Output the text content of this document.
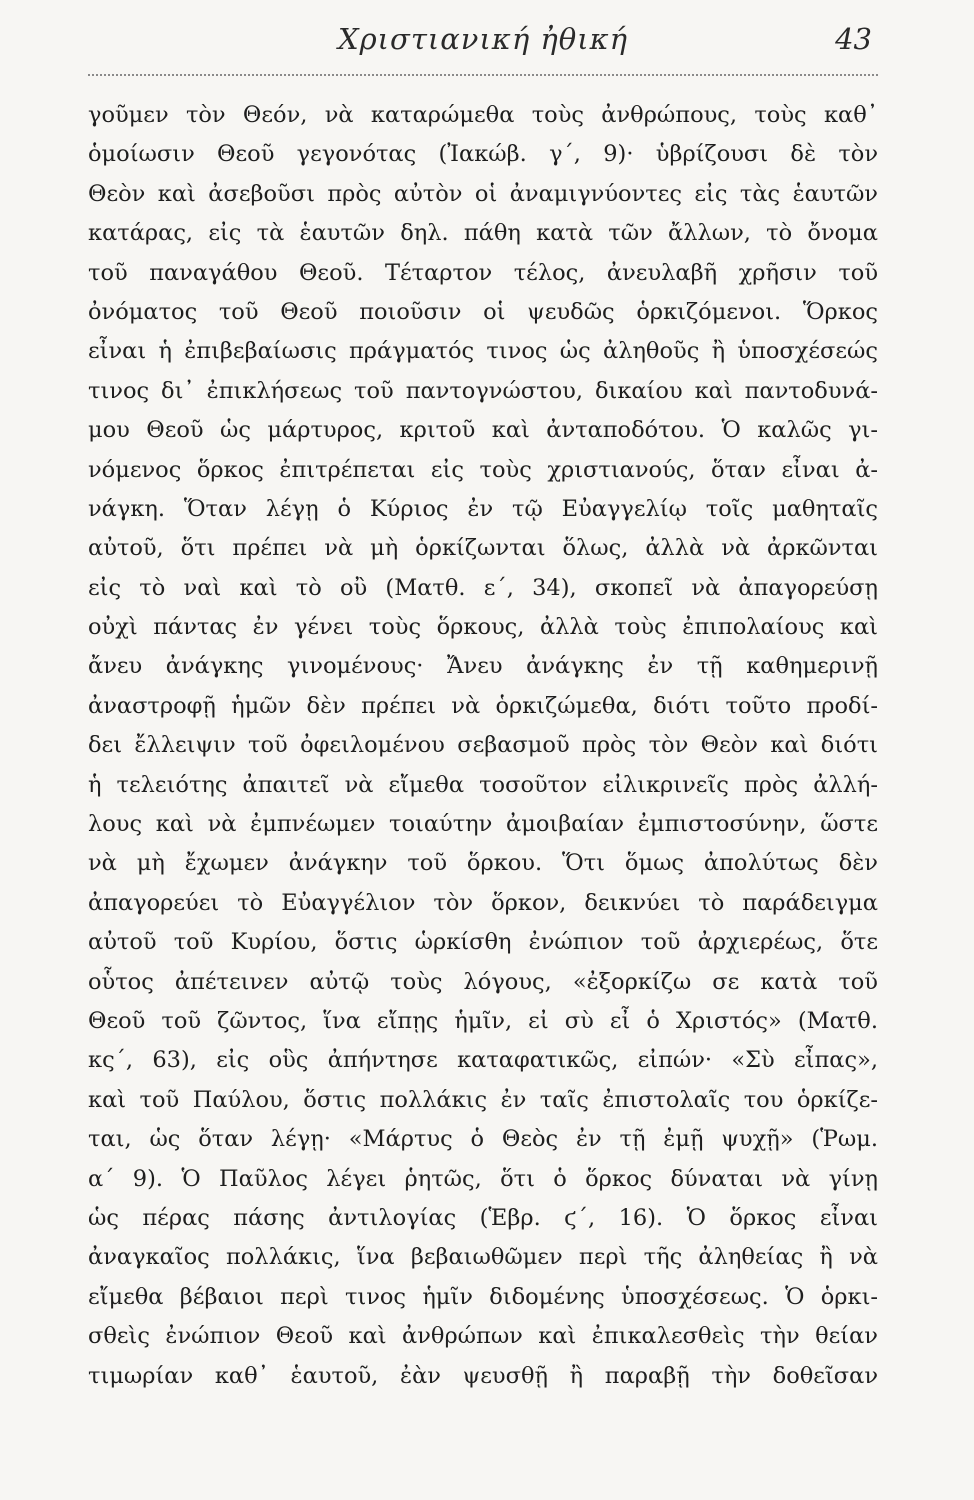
Χριστιανική ἠθική	43
γοῦμεν τὸν Θεόν, νὰ καταρώμεθα τοὺς ἀνθρώπους, τοὺς καθ᾽
ὁμοίωσιν Θεοῦ γεγονότας (Ἰακώβ. γ΄, 9)· ὑβρίζουσι δὲ τὸν
Θεὸν καὶ ἀσεβοῦσι πρὸς αὐτὸν οἱ ἀναμιγνύοντες εἰς τὰς ἑαυτῶν
κατάρας, εἰς τὰ ἑαυτῶν δηλ. πάθη κατὰ τῶν ἄλλων, τὸ ὄνομα
τοῦ παναγάθου Θεοῦ. Τέταρτον τέλος, ἀνευλαβῆ χρῆσιν τοῦ
ὀνόματος τοῦ Θεοῦ ποιοῦσιν οἱ ψευδῶς ὁρκιζόμενοι. Ὅρκος
εἶναι ἡ ἐπιβεβαίωσις πράγματός τινος ὡς ἀληθοῦς ἢ ὑποσχέσεώς
τινος δι᾽ ἐπικλήσεως τοῦ παντογνώστου, δικαίου καὶ παντοδυνά-
μου Θεοῦ ὡς μάρτυρος, κριτοῦ καὶ ἀνταποδότου. Ὁ καλῶς γι-
νόμενος ὅρκος ἐπιτρέπεται εἰς τοὺς χριστιανούς, ὅταν εἶναι ἀ-
νάγκη. Ὅταν λέγῃ ὁ Κύριος ἐν τῷ Εὐαγγελίῳ τοῖς μαθηταῖς
αὐτοῦ, ὅτι πρέπει νὰ μὴ ὁρκίζωνται ὅλως, ἀλλὰ νὰ ἀρκῶνται
εἰς τὸ ναὶ καὶ τὸ οὒ (Ματθ. ε΄, 34), σκοπεῖ νὰ ἀπαγορεύσῃ
οὐχὶ πάντας ἐν γένει τοὺς ὅρκους, ἀλλὰ τοὺς ἐπιπολαίους καὶ
ἄνευ ἀνάγκης γινομένους· Ἄνευ ἀνάγκης ἐν τῇ καθημερινῇ
ἀναστροφῇ ἡμῶν δὲν πρέπει νὰ ὁρκιζώμεθα, διότι τοῦτο προδί-
δει ἔλλειψιν τοῦ ὀφειλομένου σεβασμοῦ πρὸς τὸν Θεὸν καὶ διότι
ἡ τελειότης ἀπαιτεῖ νὰ εἴμεθα τοσοῦτον εἰλικρινεῖς πρὸς ἀλλή-
λους καὶ νὰ ἐμπνέωμεν τοιαύτην ἀμοιβαίαν ἐμπιστοσύνην, ὥστε
νὰ μὴ ἔχωμεν ἀνάγκην τοῦ ὅρκου. Ὅτι ὅμως ἀπολύτως δὲν
ἀπαγορεύει τὸ Εὐαγγέλιον τὸν ὅρκον, δεικνύει τὸ παράδειγμα
αὐτοῦ τοῦ Κυρίου, ὅστις ὡρκίσθη ἐνώπιον τοῦ ἀρχιερέως, ὅτε
οὗτος ἀπέτεινεν αὐτῷ τοὺς λόγους, «ἐξορκίζω σε κατὰ τοῦ
Θεοῦ τοῦ ζῶντος, ἵνα εἴπῃς ἡμῖν, εἰ σὺ εἶ ὁ Χριστός» (Ματθ.
κς΄, 63), εἰς οὓς ἀπήντησε καταφατικῶς, εἰπών· «Σὺ εἶπας»,
καὶ τοῦ Παύλου, ὅστις πολλάκις ἐν ταῖς ἐπιστολαῖς του ὁρκίζε-
ται, ὡς ὅταν λέγῃ· «Μάρτυς ὁ Θεὸς ἐν τῇ ἐμῇ ψυχῇ» (Ῥωμ.
α΄ 9). Ὁ Παῦλος λέγει ῥητῶς, ὅτι ὁ ὅρκος δύναται νὰ γίνῃ
ὡς πέρας πάσης ἀντιλογίας (Ἑβρ. ϛ΄, 16). Ὁ ὅρκος εἶναι
ἀναγκαῖος πολλάκις, ἵνα βεβαιωθῶμεν περὶ τῆς ἀληθείας ἢ νὰ
εἴμεθα βέβαιοι περὶ τινος ἡμῖν διδομένης ὑποσχέσεως. Ὁ ὁρκι-
σθεὶς ἐνώπιον Θεοῦ καὶ ἀνθρώπων καὶ ἐπικαλεσθεὶς τὴν θείαν
τιμωρίαν καθ᾽ ἑαυτοῦ, ἐὰν ψευσθῇ ἢ παραβῇ τὴν δοθεῖσαν
